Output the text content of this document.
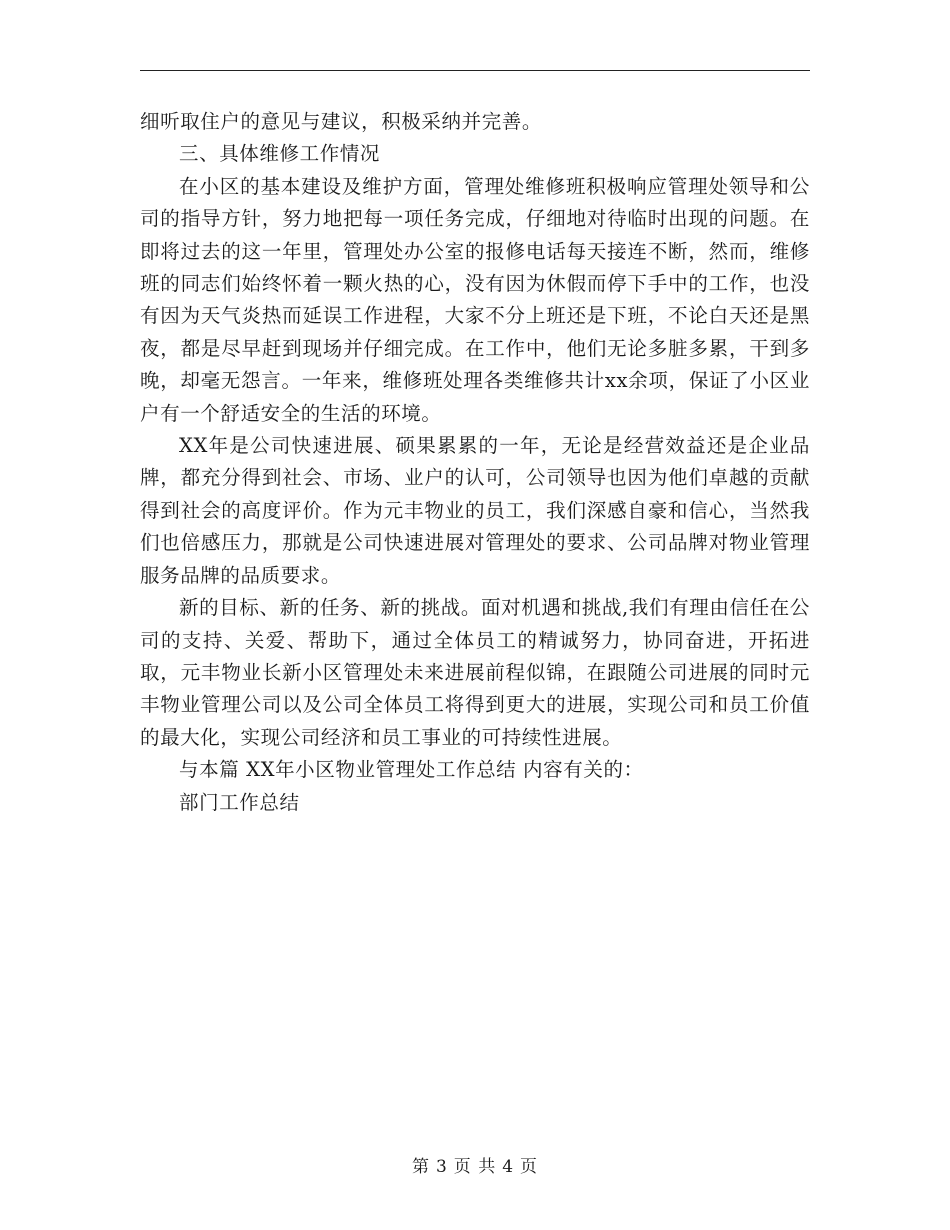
细听取住户的意见与建议，积极采纳并完善。

三、具体维修工作情况

在小区的基本建设及维护方面，管理处维修班积极响应管理处领导和公司的指导方针，努力地把每一项任务完成，仔细地对待临时出现的问题。在即将过去的这一年里，管理处办公室的报修电话每天接连不断，然而，维修班的同志们始终怀着一颗火热的心，没有因为休假而停下手中的工作，也没有因为天气炎热而延误工作进程，大家不分上班还是下班，不论白天还是黑夜，都是尽早赶到现场并仔细完成。在工作中，他们无论多脏多累，干到多晚，却毫无怨言。一年来，维修班处理各类维修共计xx余项，保证了小区业户有一个舒适安全的生活的环境。

XX年是公司快速进展、硕果累累的一年，无论是经营效益还是企业品牌，都充分得到社会、市场、业户的认可，公司领导也因为他们卓越的贡献得到社会的高度评价。作为元丰物业的员工，我们深感自豪和信心，当然我们也倍感压力，那就是公司快速进展对管理处的要求、公司品牌对物业管理服务品牌的品质要求。

新的目标、新的任务、新的挑战。面对机遇和挑战,我们有理由信任在公司的支持、关爱、帮助下，通过全体员工的精诚努力，协同奋进，开拓进取，元丰物业长新小区管理处未来进展前程似锦，在跟随公司进展的同时元丰物业管理公司以及公司全体员工将得到更大的进展，实现公司和员工价值的最大化，实现公司经济和员工事业的可持续性进展。

与本篇 XX年小区物业管理处工作总结 内容有关的：

部门工作总结

第 3 页 共 4 页
